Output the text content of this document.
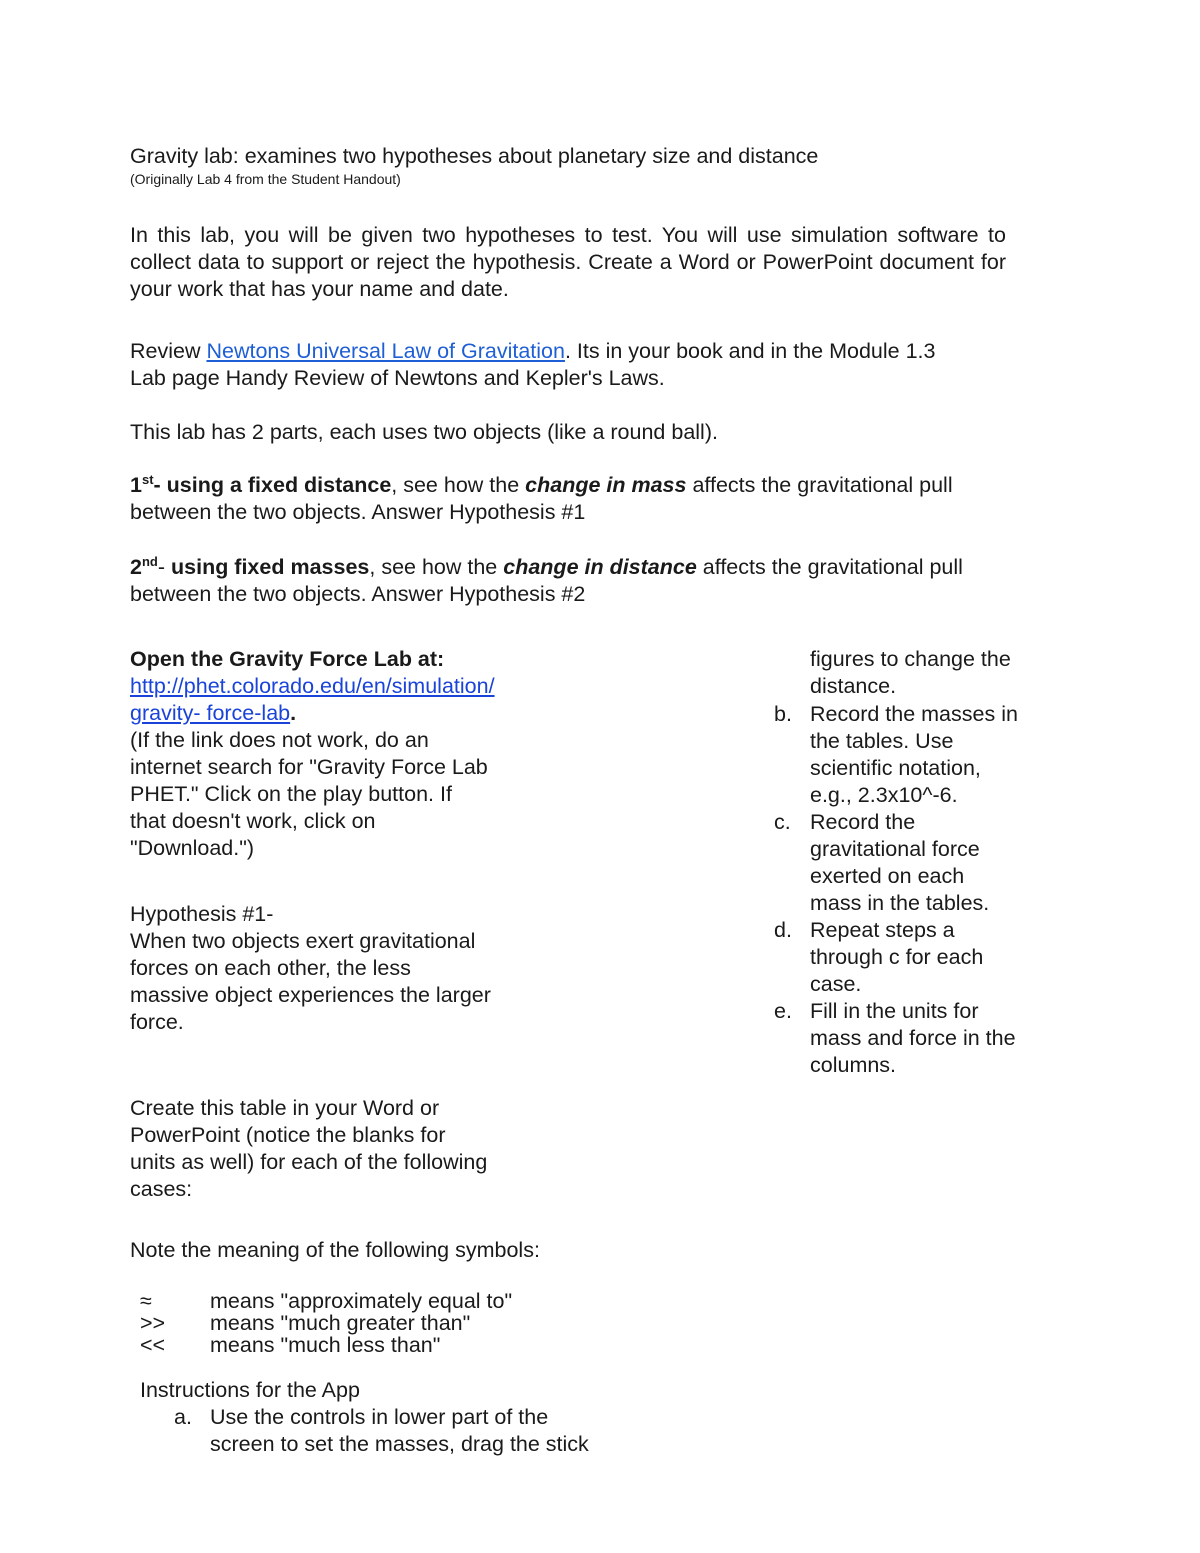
Gravity lab: examines two hypotheses about planetary size and distance
(Originally Lab 4 from the Student Handout)
In this lab, you will be given two hypotheses to test. You will use simulation software to collect data to support or reject the hypothesis. Create a Word or PowerPoint document for your work that has your name and date.
Review Newtons Universal Law of Gravitation. Its in your book and in the Module 1.3
Lab page Handy Review of Newtons and Kepler's Laws.
This lab has 2 parts, each uses two objects (like a round ball).
1st- using a fixed distance, see how the change in mass affects the gravitational pull
between the two objects. Answer Hypothesis #1
2nd- using fixed masses, see how the change in distance affects the gravitational pull
between the two objects. Answer Hypothesis #2
Open the Gravity Force Lab at:
http://phet.colorado.edu/en/simulation/
gravity- force-lab.
(If the link does not work, do an
internet search for "Gravity Force Lab
PHET." Click on the play button. If
that doesn't work, click on
"Download.")
Hypothesis #1-
When two objects exert gravitational
forces on each other, the less
massive object experiences the larger
force.
Create this table in your Word or
PowerPoint (notice the blanks for
units as well) for each of the following
cases:
Note the meaning of the following symbols:
≈	means "approximately equal to"
>>	means "much greater than"
<<	means "much less than"
Instructions for the App
a. Use the controls in lower part of the
screen to set the masses, drag the stick
figures to change the
distance.
b. Record the masses in
the tables. Use
scientific notation,
e.g., 2.3x10^-6.
c. Record the
gravitational force
exerted on each
mass in the tables.
d. Repeat steps a
through c for each
case.
e. Fill in the units for
mass and force in the
columns.
